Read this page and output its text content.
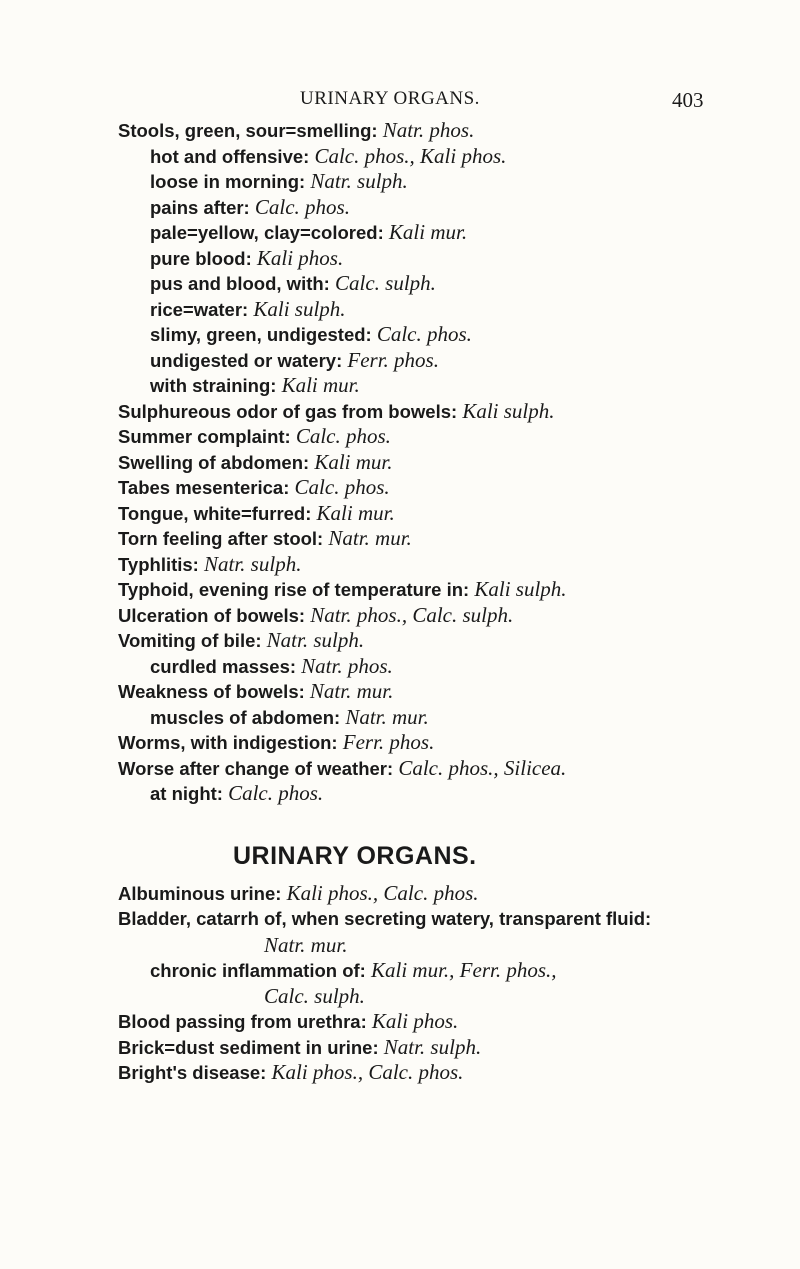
URINARY ORGANS.	403
Stools, green, sour=smelling: Natr. phos.
hot and offensive: Calc. phos., Kali phos.
loose in morning: Natr. sulph.
pains after: Calc. phos.
pale=yellow, clay=colored: Kali mur.
pure blood: Kali phos.
pus and blood, with: Calc. sulph.
rice=water: Kali sulph.
slimy, green, undigested: Calc. phos.
undigested or watery: Ferr. phos.
with straining: Kali mur.
Sulphureous odor of gas from bowels: Kali sulph.
Summer complaint: Calc. phos.
Swelling of abdomen: Kali mur.
Tabes mesenterica: Calc. phos.
Tongue, white=furred: Kali mur.
Torn feeling after stool: Natr. mur.
Typhlitis: Natr. sulph.
Typhoid, evening rise of temperature in: Kali sulph.
Ulceration of bowels: Natr. phos., Calc. sulph.
Vomiting of bile: Natr. sulph.
curdled masses: Natr. phos.
Weakness of bowels: Natr. mur.
muscles of abdomen: Natr. mur.
Worms, with indigestion: Ferr. phos.
Worse after change of weather: Calc. phos., Silicea.
at night: Calc. phos.
URINARY ORGANS.
Albuminous urine: Kali phos., Calc. phos.
Bladder, catarrh of, when secreting watery, transparent fluid:
Natr. mur.
chronic inflammation of: Kali mur., Ferr. phos.,
Calc. sulph.
Blood passing from urethra: Kali phos.
Brick=dust sediment in urine: Natr. sulph.
Bright's disease: Kali phos., Calc. phos.
